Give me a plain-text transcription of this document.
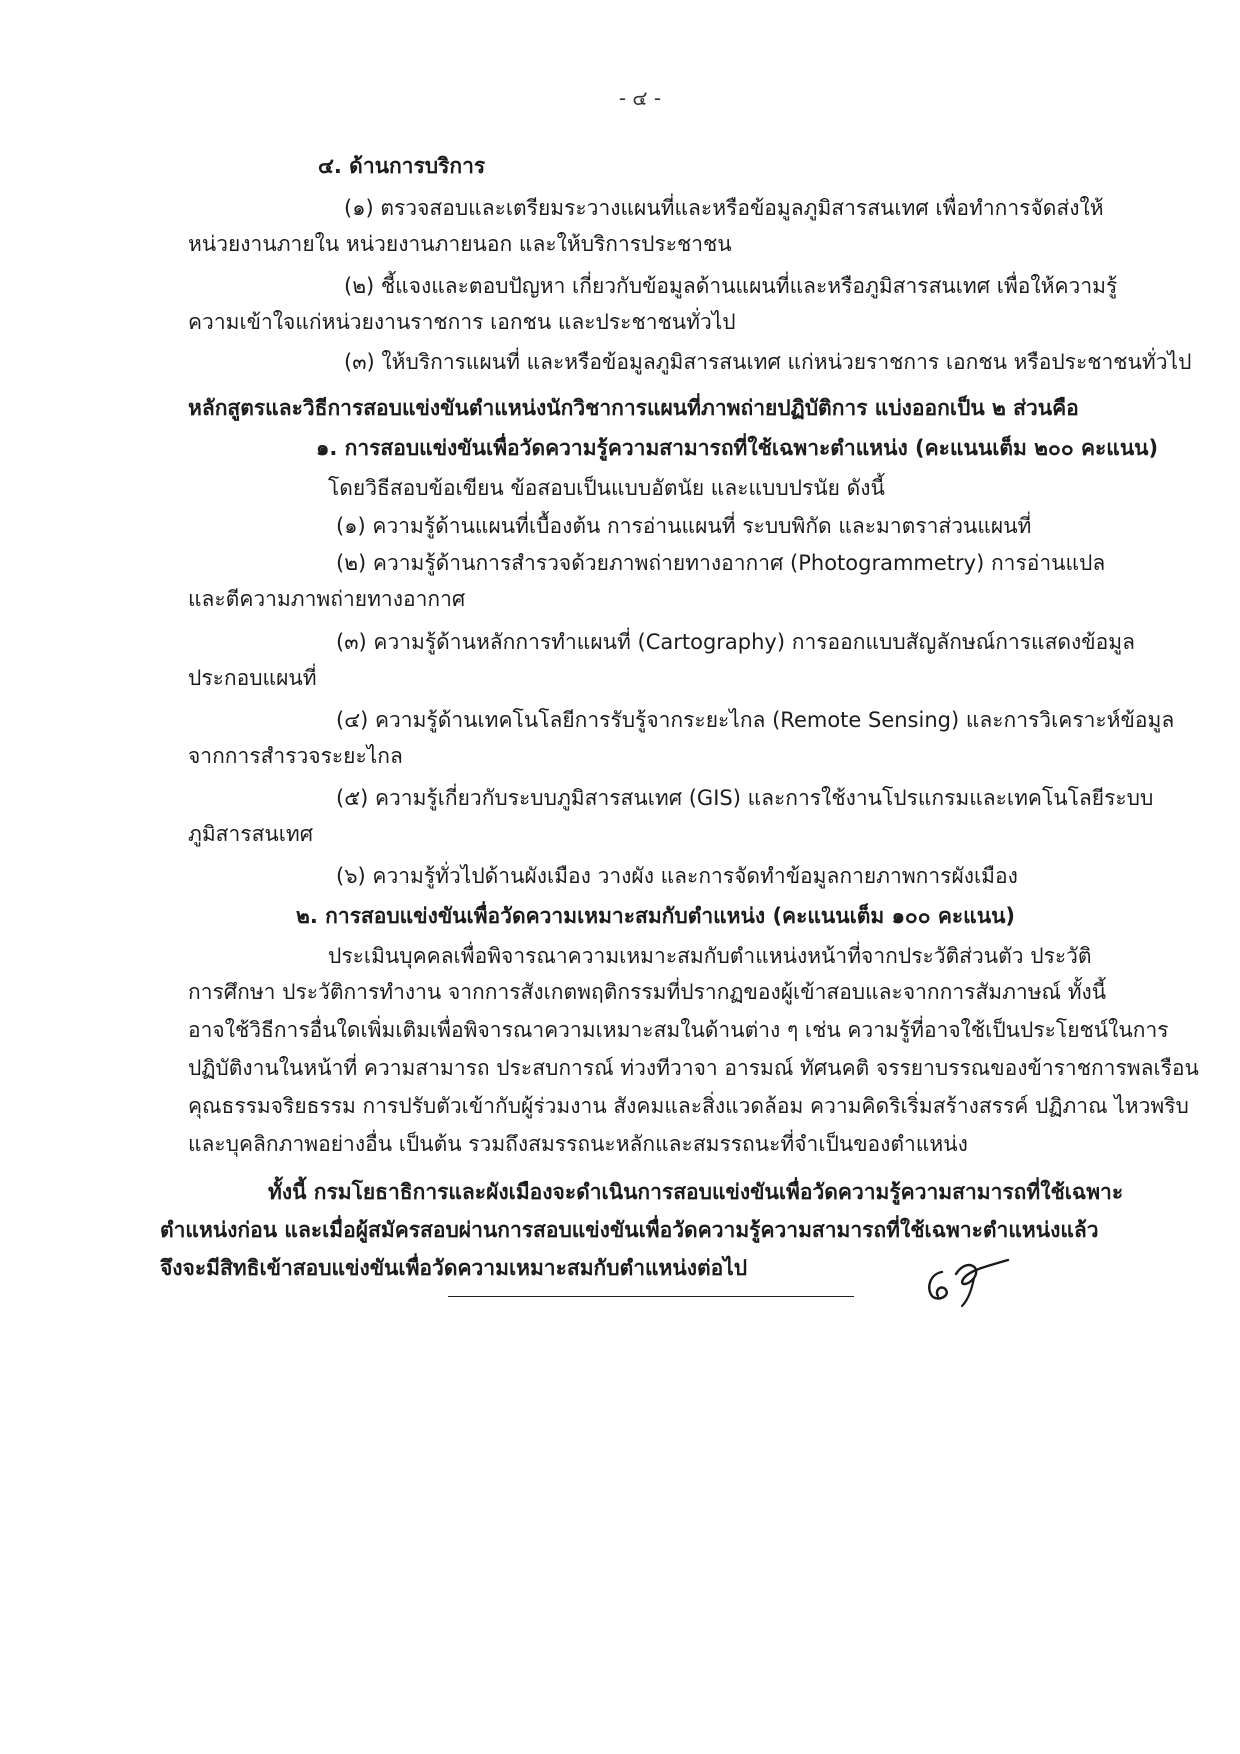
- ๔ -
๔. ด้านการบริการ
(๑) ตรวจสอบและเตรียมระวางแผนที่และหรือข้อมูลภูมิสารสนเทศ เพื่อทำการจัดส่งให้
หน่วยงานภายใน หน่วยงานภายนอก และให้บริการประชาชน
(๒) ชี้แจงและตอบปัญหา เกี่ยวกับข้อมูลด้านแผนที่และหรือภูมิสารสนเทศ เพื่อให้ความรู้
ความเข้าใจแก่หน่วยงานราชการ เอกชน และประชาชนทั่วไป
(๓) ให้บริการแผนที่ และหรือข้อมูลภูมิสารสนเทศ แก่หน่วยราชการ เอกชน หรือประชาชนทั่วไป
หลักสูตรและวิธีการสอบแข่งขันตำแหน่งนักวิชาการแผนที่ภาพถ่ายปฏิบัติการ แบ่งออกเป็น ๒ ส่วนคือ
๑. การสอบแข่งขันเพื่อวัดความรู้ความสามารถที่ใช้เฉพาะตำแหน่ง (คะแนนเต็ม ๒๐๐ คะแนน)
โดยวิธีสอบข้อเขียน ข้อสอบเป็นแบบอัตนัย และแบบปรนัย ดังนี้
(๑) ความรู้ด้านแผนที่เบื้องต้น การอ่านแผนที่ ระบบพิกัด และมาตราส่วนแผนที่
(๒) ความรู้ด้านการสำรวจด้วยภาพถ่ายทางอากาศ (Photogrammetry) การอ่านแปล
และตีความภาพถ่ายทางอากาศ
(๓) ความรู้ด้านหลักการทำแผนที่ (Cartography) การออกแบบสัญลักษณ์การแสดงข้อมูล
ประกอบแผนที่
(๔) ความรู้ด้านเทคโนโลยีการรับรู้จากระยะไกล (Remote Sensing) และการวิเคราะห์ข้อมูล
จากการสำรวจระยะไกล
(๕) ความรู้เกี่ยวกับระบบภูมิสารสนเทศ (GIS) และการใช้งานโปรแกรมและเทคโนโลยีระบบ
ภูมิสารสนเทศ
(๖) ความรู้ทั่วไปด้านผังเมือง วางผัง และการจัดทำข้อมูลกายภาพการผังเมือง
๒. การสอบแข่งขันเพื่อวัดความเหมาะสมกับตำแหน่ง (คะแนนเต็ม ๑๐๐ คะแนน)
ประเมินบุคคลเพื่อพิจารณาความเหมาะสมกับตำแหน่งหน้าที่จากประวัติส่วนตัว ประวัติ
การศึกษา ประวัติการทำงาน จากการสังเกตพฤติกรรมที่ปรากฏของผู้เข้าสอบและจากการสัมภาษณ์ ทั้งนี้
อาจใช้วิธีการอื่นใดเพิ่มเติมเพื่อพิจารณาความเหมาะสมในด้านต่าง ๆ เช่น ความรู้ที่อาจใช้เป็นประโยชน์ในการ
ปฏิบัติงานในหน้าที่ ความสามารถ ประสบการณ์ ท่วงทีวาจา อารมณ์ ทัศนคติ จรรยาบรรณของข้าราชการพลเรือน
คุณธรรมจริยธรรม การปรับตัวเข้ากับผู้ร่วมงาน สังคมและสิ่งแวดล้อม ความคิดริเริ่มสร้างสรรค์ ปฏิภาณ ไหวพริบ
และบุคลิกภาพอย่างอื่น เป็นต้น รวมถึงสมรรถนะหลักและสมรรถนะที่จำเป็นของตำแหน่ง
ทั้งนี้ กรมโยธาธิการและผังเมืองจะดำเนินการสอบแข่งขันเพื่อวัดความรู้ความสามารถที่ใช้เฉพาะ
ตำแหน่งก่อน และเมื่อผู้สมัครสอบผ่านการสอบแข่งขันเพื่อวัดความรู้ความสามารถที่ใช้เฉพาะตำแหน่งแล้ว
จึงจะมีสิทธิเข้าสอบแข่งขันเพื่อวัดความเหมาะสมกับตำแหน่งต่อไป
